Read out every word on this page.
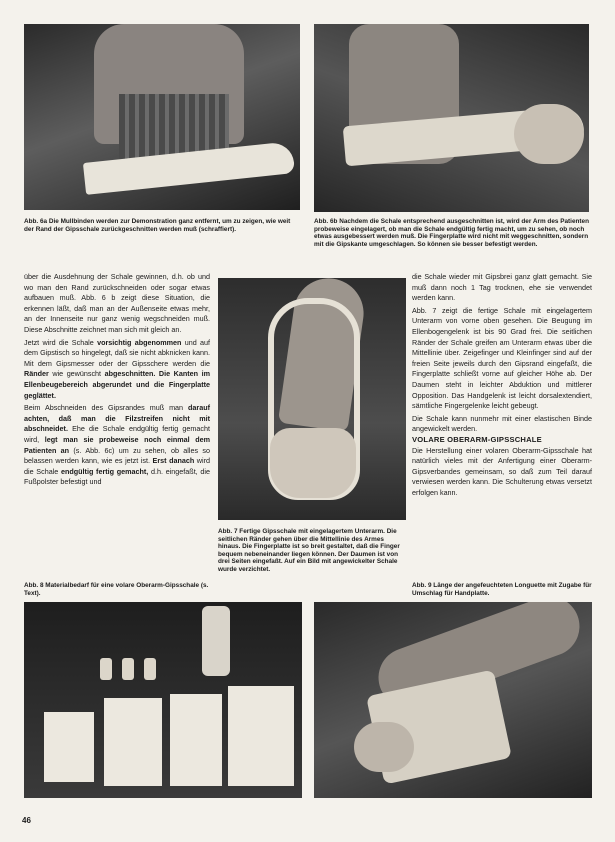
Abb. 6a Die Mullbinden werden zur Demonstration ganz entfernt, um zu zeigen, wie weit der Rand der Gipsschale zurückgeschnitten werden muß (schraffiert).
Abb. 6b Nachdem die Schale entsprechend ausgeschnitten ist, wird der Arm des Patienten probeweise eingelagert, ob man die Schale endgültig fertig macht, um zu sehen, ob noch etwas ausgebessert werden muß. Die Fingerplatte wird nicht mit weggeschnitten, sondern mit die Gipskante umgeschlagen. So können sie besser befestigt werden.

über die Ausdehnung der Schale gewinnen, d.h. ob und wo man den Rand zurückschneiden oder sogar etwas aufbauen muß. Abb. 6 b zeigt diese Situation, die erkennen läßt, daß man an der Außenseite etwas mehr, an der Innenseite nur ganz wenig wegschneiden muß. Diese Abschnitte zeichnet man sich mit gleich an.

Jetzt wird die Schale vorsichtig abgenommen und auf dem Gipstisch so hingelegt, daß sie nicht abknicken kann. Mit dem Gipsmesser oder der Gipsschere werden die Ränder wie gewünscht abgeschnitten. Die Kanten im Ellenbeugebereich abgerundet und die Fingerplatte geglättet.

Beim Abschneiden des Gipsrandes muß man darauf achten, daß man die Filzstreifen nicht mit abschneidet. Ehe die Schale endgültig fertig gemacht wird, legt man sie probeweise noch einmal dem Patienten an (s. Abb. 6c) um zu sehen, ob alles so belassen werden kann, wie es jetzt ist. Erst danach wird die Schale endgültig fertig gemacht, d.h. eingefaßt, die Fußpolster befestigt und

Abb. 8 Materialbedarf für eine volare Oberarm-Gipsschale (s. Text).
Abb. 7 Fertige Gipsschale mit eingelagertem Unterarm. Die seitlichen Ränder gehen über die Mittellinie des Armes hinaus. Die Fingerplatte ist so breit gestaltet, daß die Finger bequem nebeneinander liegen können. Der Daumen ist von drei Seiten eingefaßt. Auf ein Bild mit angewickelter Schale wurde verzichtet.

die Schale wieder mit Gipsbrei ganz glatt gemacht. Sie muß dann noch 1 Tag trocknen, ehe sie verwendet werden kann.

Abb. 7 zeigt die fertige Schale mit eingelagertem Unterarm von vorne oben gesehen. Die Beugung im Ellenbogengelenk ist bis 90 Grad frei. Die seitlichen Ränder der Schale greifen am Unterarm etwas über die Mittellinie über. Zeigefinger und Kleinfinger sind auf der freien Seite jeweils durch den Gipsrand eingefaßt, die Fingerplatte schließt vorne auf gleicher Höhe ab. Der Daumen steht in leichter Abduktion und mittlerer Opposition. Das Handgelenk ist leicht dorsalextendiert, sämtliche Fingergelenke leicht gebeugt.

Die Schale kann nunmehr mit einer elastischen Binde angewickelt werden.

VOLARE OBERARM-GIPSSCHALE

Die Herstellung einer volaren Oberarm-Gipsschale hat natürlich vieles mit der Anfertigung einer Oberarm-Gipsverbandes gemeinsam, so daß zum Teil darauf verwiesen werden kann. Die Schulterung etwas versetzt erfolgen kann.

Abb. 9 Länge der angefeuchteten Longuette mit Zugabe für Umschlag für Handplatte.
46
